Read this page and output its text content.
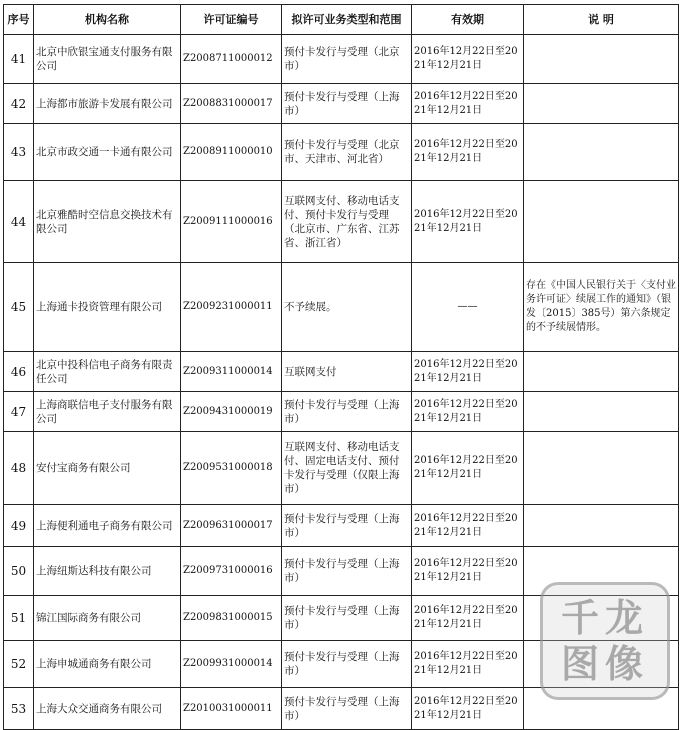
序号	机构名称	许可证编号	拟许可业务类型和范围	有效期	说 明
41	北京中欣银宝通支付服务有限公司	Z2008711000012	预付卡发行与受理（北京市）	2016年12月22日至2021年12月21日	
42	上海都市旅游卡发展有限公司	Z2008831000017	预付卡发行与受理（上海市）	2016年12月22日至2021年12月21日	
43	北京市政交通一卡通有限公司	Z2008911000010	预付卡发行与受理（北京市、天津市、河北省）	2016年12月22日至2021年12月21日	
44	北京雅酷时空信息交换技术有限公司	Z2009111000016	互联网支付、移动电话支付、预付卡发行与受理（北京市、广东省、江苏省、浙江省）	2016年12月22日至2021年12月21日	
45	上海通卡投资管理有限公司	Z2009231000011	不予续展。	——	存在《中国人民银行关于〈支付业务许可证〉续展工作的通知》（银发〔2015〕385号）第六条规定的不予续展情形。
46	北京中投科信电子商务有限责任公司	Z2009311000014	互联网支付	2016年12月22日至2021年12月21日	
47	上海商联信电子支付服务有限公司	Z2009431000019	预付卡发行与受理（上海市）	2016年12月22日至2021年12月21日	
48	安付宝商务有限公司	Z2009531000018	互联网支付、移动电话支付、固定电话支付、预付卡发行与受理（仅限上海市）	2016年12月22日至2021年12月21日	
49	上海便利通电子商务有限公司	Z2009631000017	预付卡发行与受理（上海市）	2016年12月22日至2021年12月21日	
50	上海纽斯达科技有限公司	Z2009731000016	预付卡发行与受理（上海市）	2016年12月22日至2021年12月21日	
51	锦江国际商务有限公司	Z2009831000015	预付卡发行与受理（上海市）	2016年12月22日至2021年12月21日	
52	上海申城通商务有限公司	Z2009931000014	预付卡发行与受理（上海市）	2016年12月22日至2021年12月21日	
53	上海大众交通商务有限公司	Z2010031000011	预付卡发行与受理（上海市）	2016年12月22日至2021年12月21日	
千龙
图像
